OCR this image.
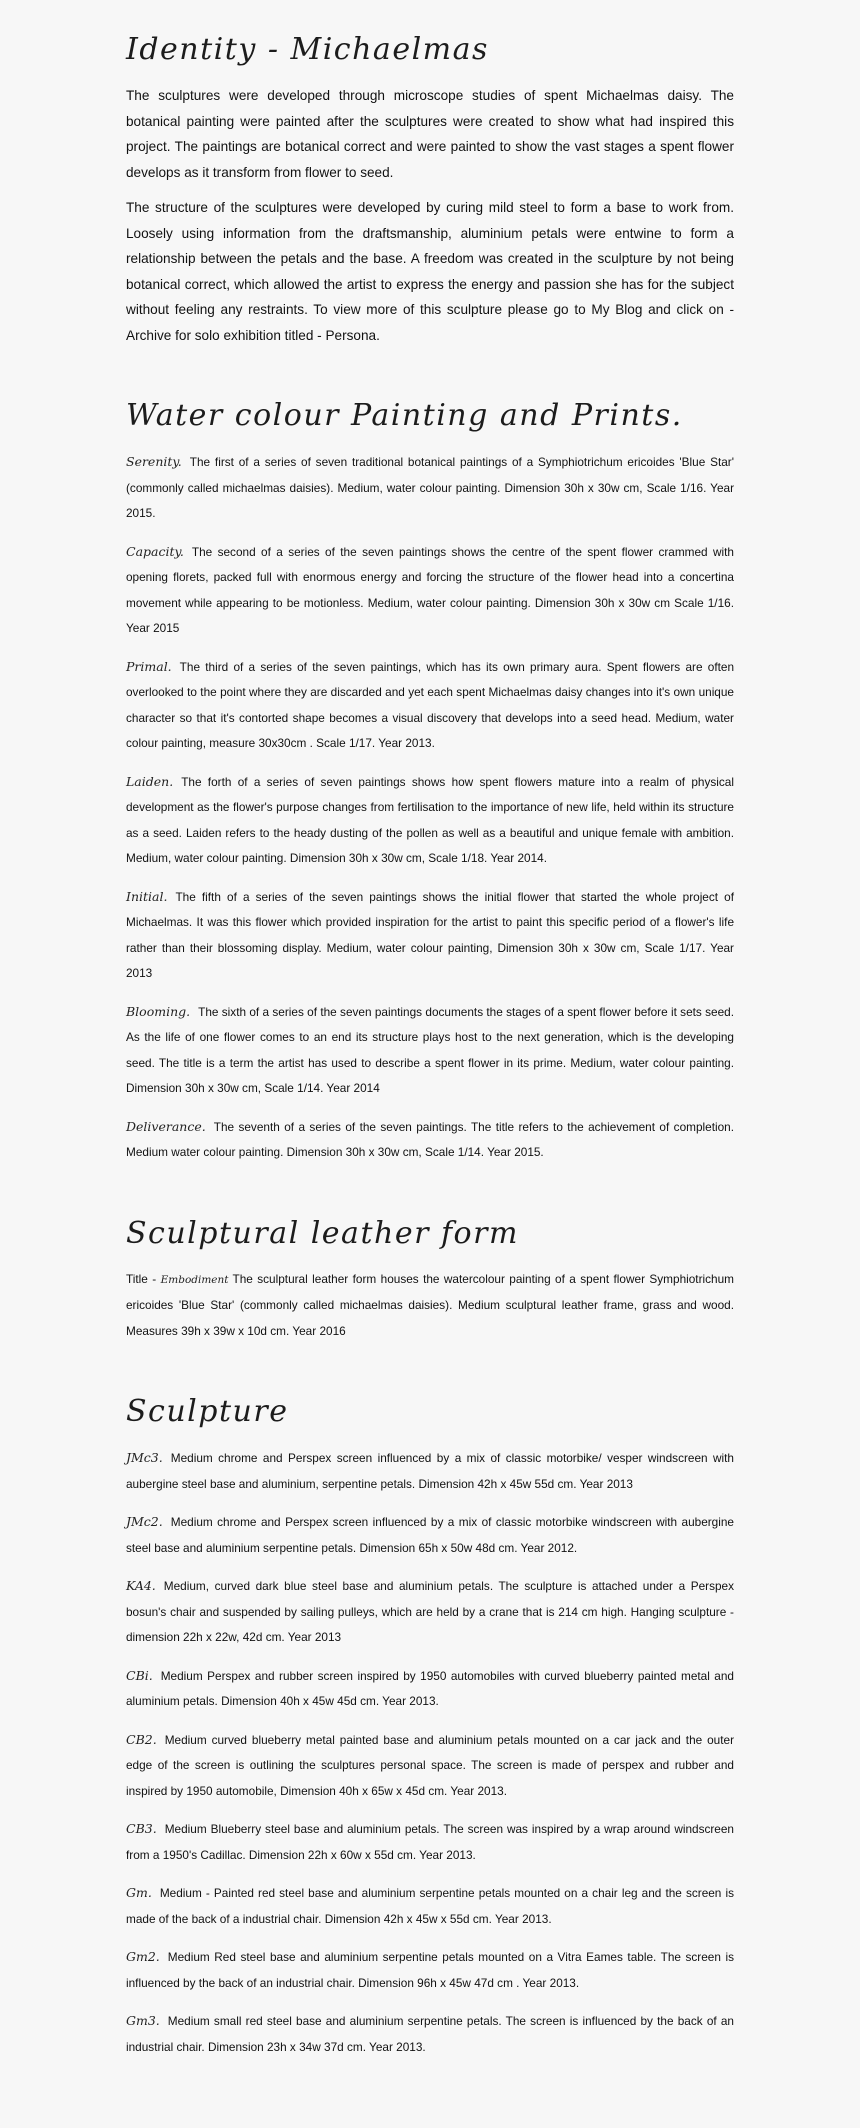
Identity - Michaelmas

The sculptures were developed through microscope studies of spent Michaelmas daisy. The botanical painting were painted after the sculptures were created to show what had inspired this project. The paintings are botanical correct and were painted to show the vast stages a spent flower develops as it transform from flower to seed.

The structure of the sculptures were developed by curing mild steel to form a base to work from. Loosely using information from the draftsmanship, aluminium petals were entwine to form a relationship between the petals and the base. A freedom was created in the sculpture by not being botanical correct, which allowed the artist to express the energy and passion she has for the subject without feeling any restraints. To view more of this sculpture please go to My Blog and click on - Archive for solo exhibition titled - Persona.

Water colour Painting and Prints.

Serenity. The first of a series of seven traditional botanical paintings of a Symphiotrichum ericoides 'Blue Star' (commonly called michaelmas daisies). Medium, water colour painting. Dimension 30h x 30w cm, Scale 1/16. Year 2015.

Capacity. The second of a series of the seven paintings shows the centre of the spent flower crammed with opening florets, packed full with enormous energy and forcing the structure of the flower head into a concertina movement while appearing to be motionless. Medium, water colour painting. Dimension 30h x 30w cm Scale 1/16. Year 2015

Primal. The third of a series of the seven paintings, which has its own primary aura. Spent flowers are often overlooked to the point where they are discarded and yet each spent Michaelmas daisy changes into it's own unique character so that it's contorted shape becomes a visual discovery that develops into a seed head. Medium, water colour painting, measure 30x30cm . Scale 1/17. Year 2013.

Laiden. The forth of a series of seven paintings shows how spent flowers mature into a realm of physical development as the flower's purpose changes from fertilisation to the importance of new life, held within its structure as a seed. Laiden refers to the heady dusting of the pollen as well as a beautiful and unique female with ambition. Medium, water colour painting. Dimension 30h x 30w cm, Scale 1/18. Year 2014.

Initial. The fifth of a series of the seven paintings shows the initial flower that started the whole project of Michaelmas. It was this flower which provided inspiration for the artist to paint this specific period of a flower's life rather than their blossoming display. Medium, water colour painting, Dimension 30h x 30w cm, Scale 1/17. Year 2013

Blooming. The sixth of a series of the seven paintings documents the stages of a spent flower before it sets seed. As the life of one flower comes to an end its structure plays host to the next generation, which is the developing seed. The title is a term the artist has used to describe a spent flower in its prime. Medium, water colour painting. Dimension 30h x 30w cm, Scale 1/14. Year 2014

Deliverance. The seventh of a series of the seven paintings. The title refers to the achievement of completion. Medium water colour painting. Dimension 30h x 30w cm, Scale 1/14. Year 2015.

Sculptural leather form

Title - Embodiment The sculptural leather form houses the watercolour painting of a spent flower Symphiotrichum ericoides 'Blue Star' (commonly called michaelmas daisies). Medium sculptural leather frame, grass and wood. Measures 39h x 39w x 10d cm. Year 2016

Sculpture

JMc3. Medium chrome and Perspex screen influenced by a mix of classic motorbike/ vesper windscreen with aubergine steel base and aluminium, serpentine petals. Dimension 42h x 45w 55d cm. Year 2013

JMc2. Medium chrome and Perspex screen influenced by a mix of classic motorbike windscreen with aubergine steel base and aluminium serpentine petals. Dimension 65h x 50w 48d cm. Year 2012.

KA4. Medium, curved dark blue steel base and aluminium petals. The sculpture is attached under a Perspex bosun's chair and suspended by sailing pulleys, which are held by a crane that is 214 cm high. Hanging sculpture - dimension 22h x 22w, 42d cm. Year 2013

CBi. Medium Perspex and rubber screen inspired by 1950 automobiles with curved blueberry painted metal and aluminium petals. Dimension 40h x 45w 45d cm. Year 2013.

CB2. Medium curved blueberry metal painted base and aluminium petals mounted on a car jack and the outer edge of the screen is outlining the sculptures personal space. The screen is made of perspex and rubber and inspired by 1950 automobile, Dimension 40h x 65w x 45d cm. Year 2013.

CB3. Medium Blueberry steel base and aluminium petals. The screen was inspired by a wrap around windscreen from a 1950's Cadillac. Dimension 22h x 60w x 55d cm. Year 2013.

Gm. Medium - Painted red steel base and aluminium serpentine petals mounted on a chair leg and the screen is made of the back of a industrial chair. Dimension 42h x 45w x 55d cm. Year 2013.

Gm2. Medium Red steel base and aluminium serpentine petals mounted on a Vitra Eames table. The screen is influenced by the back of an industrial chair. Dimension 96h x 45w 47d cm . Year 2013.

Gm3. Medium small red steel base and aluminium serpentine petals. The screen is influenced by the back of an industrial chair. Dimension 23h x 34w 37d cm. Year 2013.
